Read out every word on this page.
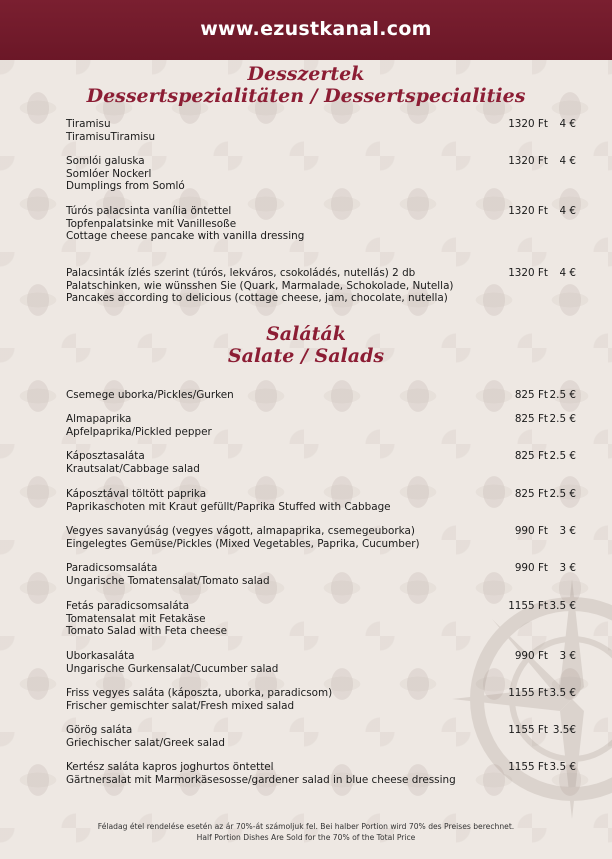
www.ezustkanal.com
Desszertek
Dessertspezialitäten / Dessertspecialities
Tiramisu
TiramisuTiramisu
1320 Ft	4 €
Somlói galuska
Somlóer Nockerl
Dumplings from Somló
1320 Ft	4 €
Túrós palacsinta vanília öntettel
Topfenpalatsinke mit Vanillesoße
Cottage cheese pancake with vanilla dressing
1320 Ft	4 €
Palacsinták ízlés szerint (túrós, lekváros, csokoládés, nutellás) 2 db
Palatschinken, wie wünsshen Sie (Quark, Marmalade, Schokolade, Nutella)
Pancakes according to delicious (cottage cheese, jam, chocolate, nutella)
1320 Ft	4 €
Saláták
Salate / Salads
Csemege uborka/Pickles/Gurken	825 Ft 2.5 €
Almapaprika
Apfelpaprika/Pickled pepper
825 Ft 2.5 €
Káposztasaláta
Krautsalat/Cabbage salad
825 Ft 2.5 €
Káposztával töltött paprika
Paprikaschoten mit Kraut gefüllt/Paprika Stuffed with Cabbage
825 Ft 2.5 €
Vegyes savanyúság (vegyes vágott, almapaprika, csemegeuborka)
Eingelegtes Gemüse/Pickles (Mixed Vegetables, Paprika, Cucumber)
990 Ft	3 €
Paradicsomsaláta
Ungarische Tomatensalat/Tomato salad
990 Ft	3 €
Fetás paradicsomsaláta
Tomatensalat mit Fetakäse
Tomato Salad with Feta cheese
1155 Ft 3.5 €
Uborkasaláta
Ungarische Gurkensalat/Cucumber salad
990 Ft	3 €
Friss vegyes saláta (káposzta, uborka, paradicsom)
Frischer gemischter salat/Fresh mixed salad
1155 Ft 3.5 €
Görög saláta
Griechischer salat/Greek salad
1155 Ft 3.5€
Kertész saláta kapros joghurtos öntettel
Gärtnersalat mit Marmorkäsesosse/gardener salad in blue cheese dressing
1155 Ft 3.5 €
Féladag étel rendelése esetén az ár 70%-át számoljuk fel. Bei halber Portion wird 70% des Preises berechnet.
Half Portion Dishes Are Sold for the 70% of the Total Price
